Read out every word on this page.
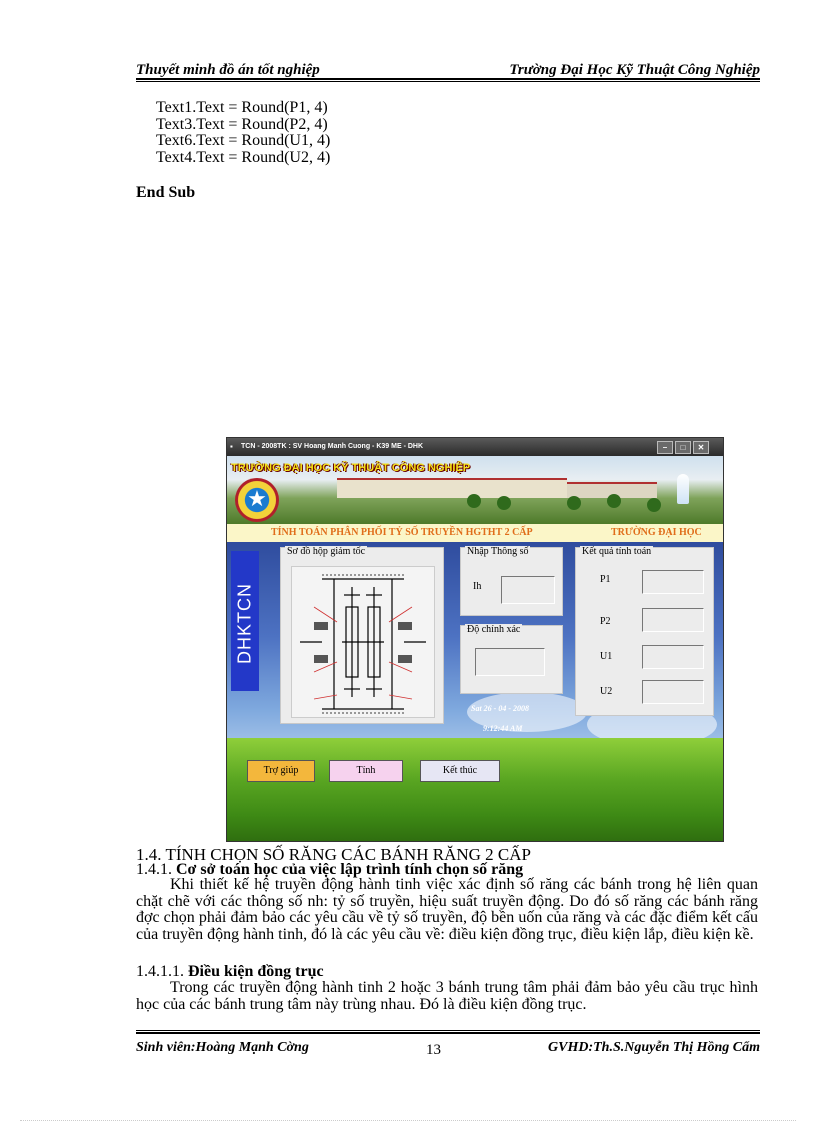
Thuyết minh đồ án tốt nghiệp	Trường Đại Học Kỹ Thuật Công Nghiệp
Text1.Text = Round(P1, 4)
Text3.Text = Round(P2, 4)
Text6.Text = Round(U1, 4)
Text4.Text = Round(U2, 4)
End Sub
▪ TCN - 2008TK : SV Hoang Manh Cuong - K39 ME - DHK	–	□	✕
TRƯỜNG ĐẠI HỌC KỸ THUẬT CÔNG NGHIỆP
★
TÍNH TOÁN PHÂN PHỐI TỶ SỐ TRUYỀN HGTHT 2 CẤP	TRƯỜNG ĐẠI HỌC
DHKTCN
Sơ đồ hộp giảm tốc	Nhập Thông số
Ih
Độ chính xác
Sat 26 - 04 - 2008
9:12:44 AM
Kết quả tính toán
P1
P2
U1
U2
Trợ giúp	Tính	Kết thúc
1.4. TÍNH CHỌN SỐ RĂNG CÁC BÁNH RĂNG 2 CẤP
1.4.1. Cơ sở toán học của việc lập trình tính chọn số răng
Khi thiết kế hệ truyền động hành tinh việc xác định số răng các bánh trong hệ liên quan chặt chẽ với các thông số nh: tỷ số truyền, hiệu suất truyền động. Do đó số răng các bánh răng đợc chọn phải đảm bảo các yêu cầu về tỷ số truyền, độ bền uốn của răng và các đặc điểm kết cấu của truyền động hành tinh, đó là các yêu cầu về: điều kiện đồng trục, điều kiện lắp, điều kiện kề.
1.4.1.1. Điều kiện đồng trục
Trong các truyền động hành tinh 2 hoặc 3 bánh trung tâm phải đảm bảo yêu cầu trục hình học của các bánh trung tâm này trùng nhau. Đó là điều kiện đồng trục.
Sinh viên:Hoàng Mạnh Cờng	13	GVHD:Th.S.Nguyễn Thị Hồng Cẩm
